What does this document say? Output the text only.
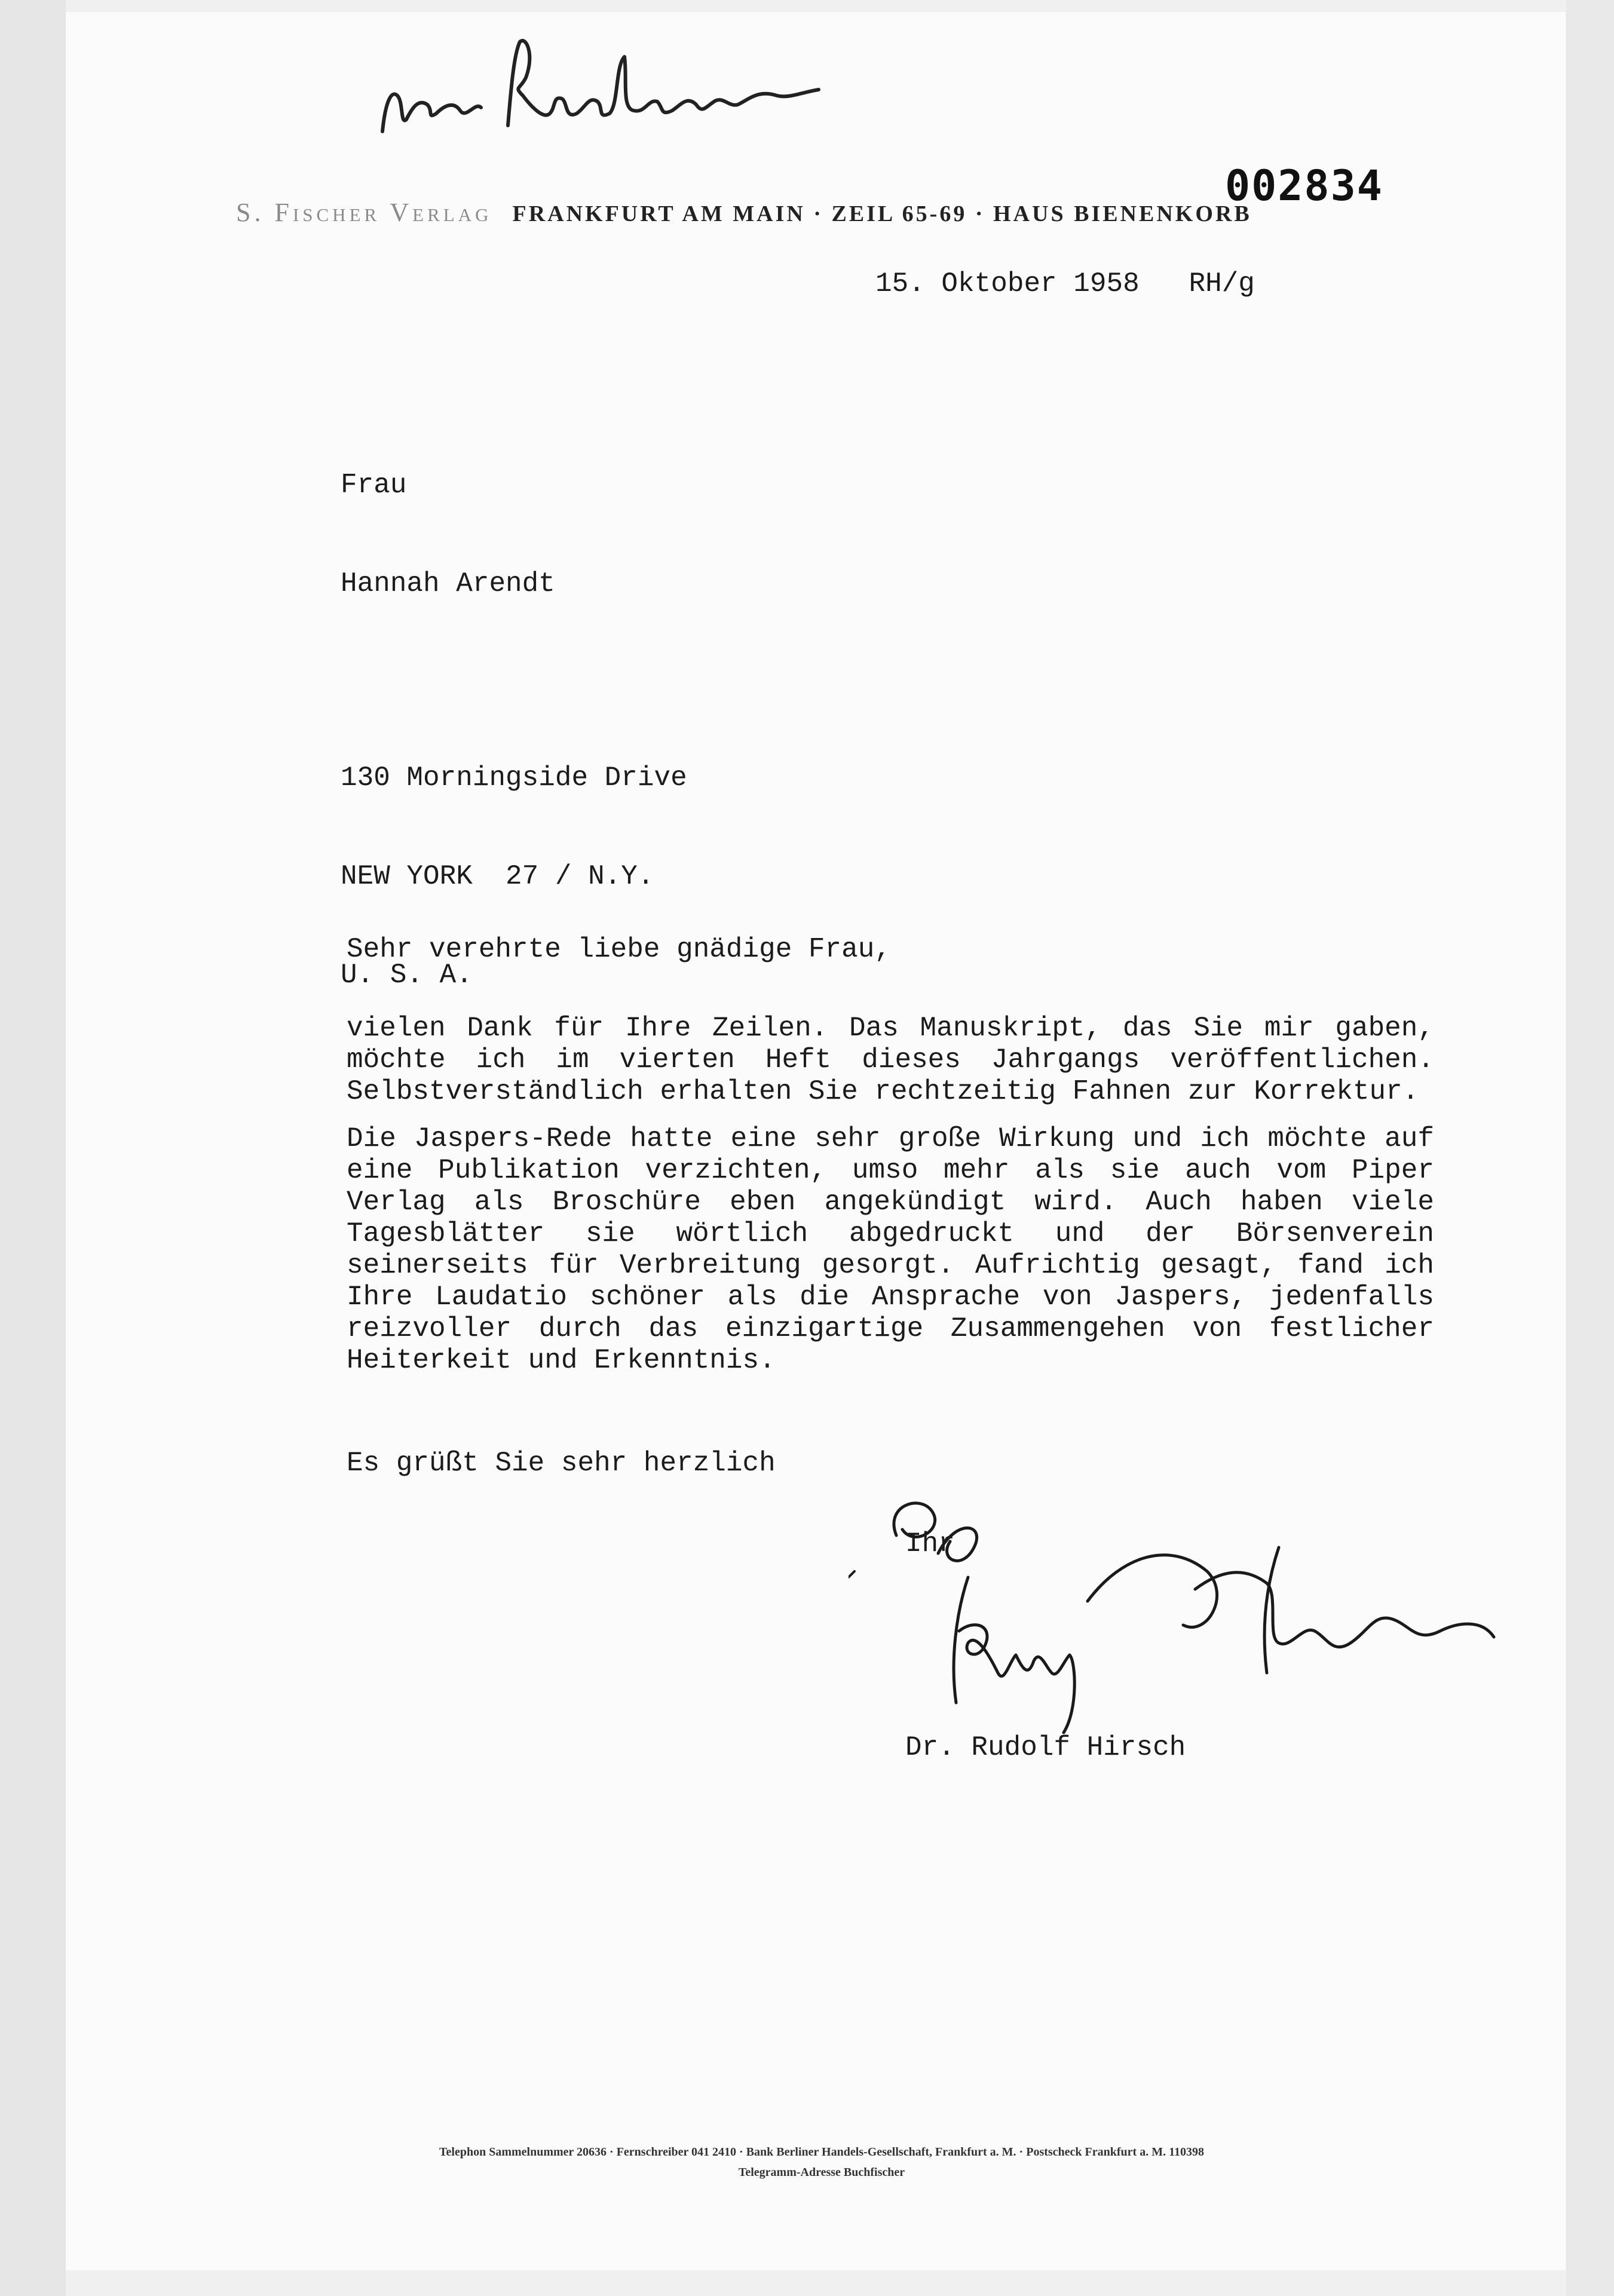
002834
S. Fischer Verlag FRANKFURT AM MAIN · ZEIL 65-69 · HAUS BIENENKORB
15. Oktober 1958   RH/g

Frau

Hannah Arendt

130 Morningside Drive

NEW YORK  27 / N.Y.

U. S. A.

Sehr verehrte liebe gnädige Frau,

vielen Dank für Ihre Zeilen. Das Manuskript, das Sie mir gaben, möchte ich im vierten Heft dieses Jahrgangs veröffentlichen. Selbstverständlich erhalten Sie rechtzeitig Fahnen zur Korrektur.

Die Jaspers-Rede hatte eine sehr große Wirkung und ich möchte auf eine Publikation verzichten, umso mehr als sie auch vom Piper Verlag als Broschüre eben angekündigt wird. Auch haben viele Tagesblätter sie wörtlich abgedruckt und der Börsenverein seinerseits für Verbreitung gesorgt. Aufrichtig gesagt, fand ich Ihre Laudatio schöner als die Ansprache von Jaspers, jedenfalls reizvoller durch das einzigartige Zusammengehen von festlicher Heiterkeit und Erkenntnis.

Es grüßt Sie sehr herzlich
Ihr
Dr. Rudolf Hirsch
Telephon Sammelnummer 20636 · Fernschreiber 041 2410 · Bank Berliner Handels-Gesellschaft, Frankfurt a. M. · Postscheck Frankfurt a. M. 110398
Telegramm-Adresse Buchfischer
